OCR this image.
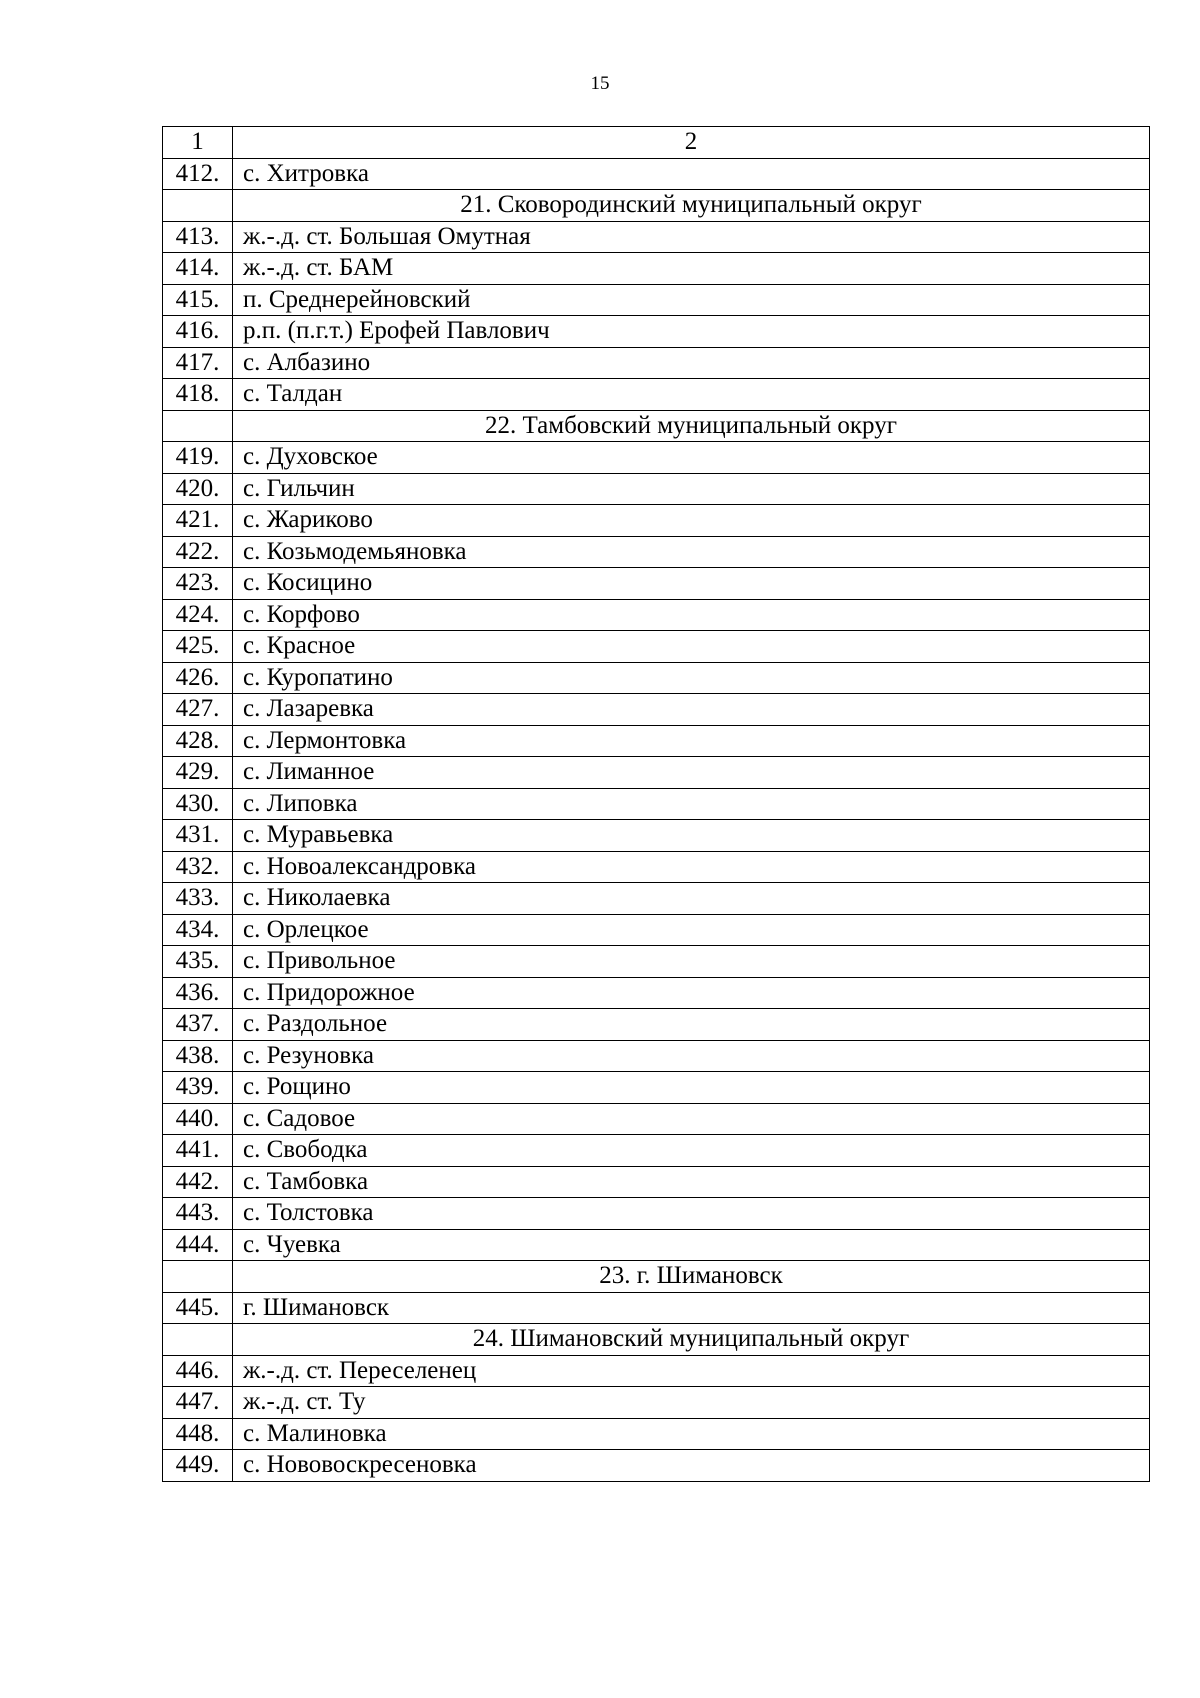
15
1	2
412.	с. Хитровка
	21. Сковородинский муниципальный округ
413.	ж.-.д. ст. Большая Омутная
414.	ж.-.д. ст. БАМ
415.	п. Среднерейновский
416.	р.п. (п.г.т.) Ерофей Павлович
417.	с. Албазино
418.	с. Талдан
	22. Тамбовский муниципальный округ
419.	с. Духовское
420.	с. Гильчин
421.	с. Жариково
422.	с. Козьмодемьяновка
423.	с. Косицино
424.	с. Корфово
425.	с. Красное
426.	с. Куропатино
427.	с. Лазаревка
428.	с. Лермонтовка
429.	с. Лиманное
430.	с. Липовка
431.	с. Муравьевка
432.	с. Новоалександровка
433.	с. Николаевка
434.	с. Орлецкое
435.	с. Привольное
436.	с. Придорожное
437.	с. Раздольное
438.	с. Резуновка
439.	с. Рощино
440.	с. Садовое
441.	с. Свободка
442.	с. Тамбовка
443.	с. Толстовка
444.	с. Чуевка
	23. г. Шимановск
445.	г. Шимановск
	24. Шимановский муниципальный округ
446.	ж.-.д. ст. Переселенец
447.	ж.-.д. ст. Ту
448.	с. Малиновка
449.	с. Нововоскресеновка
